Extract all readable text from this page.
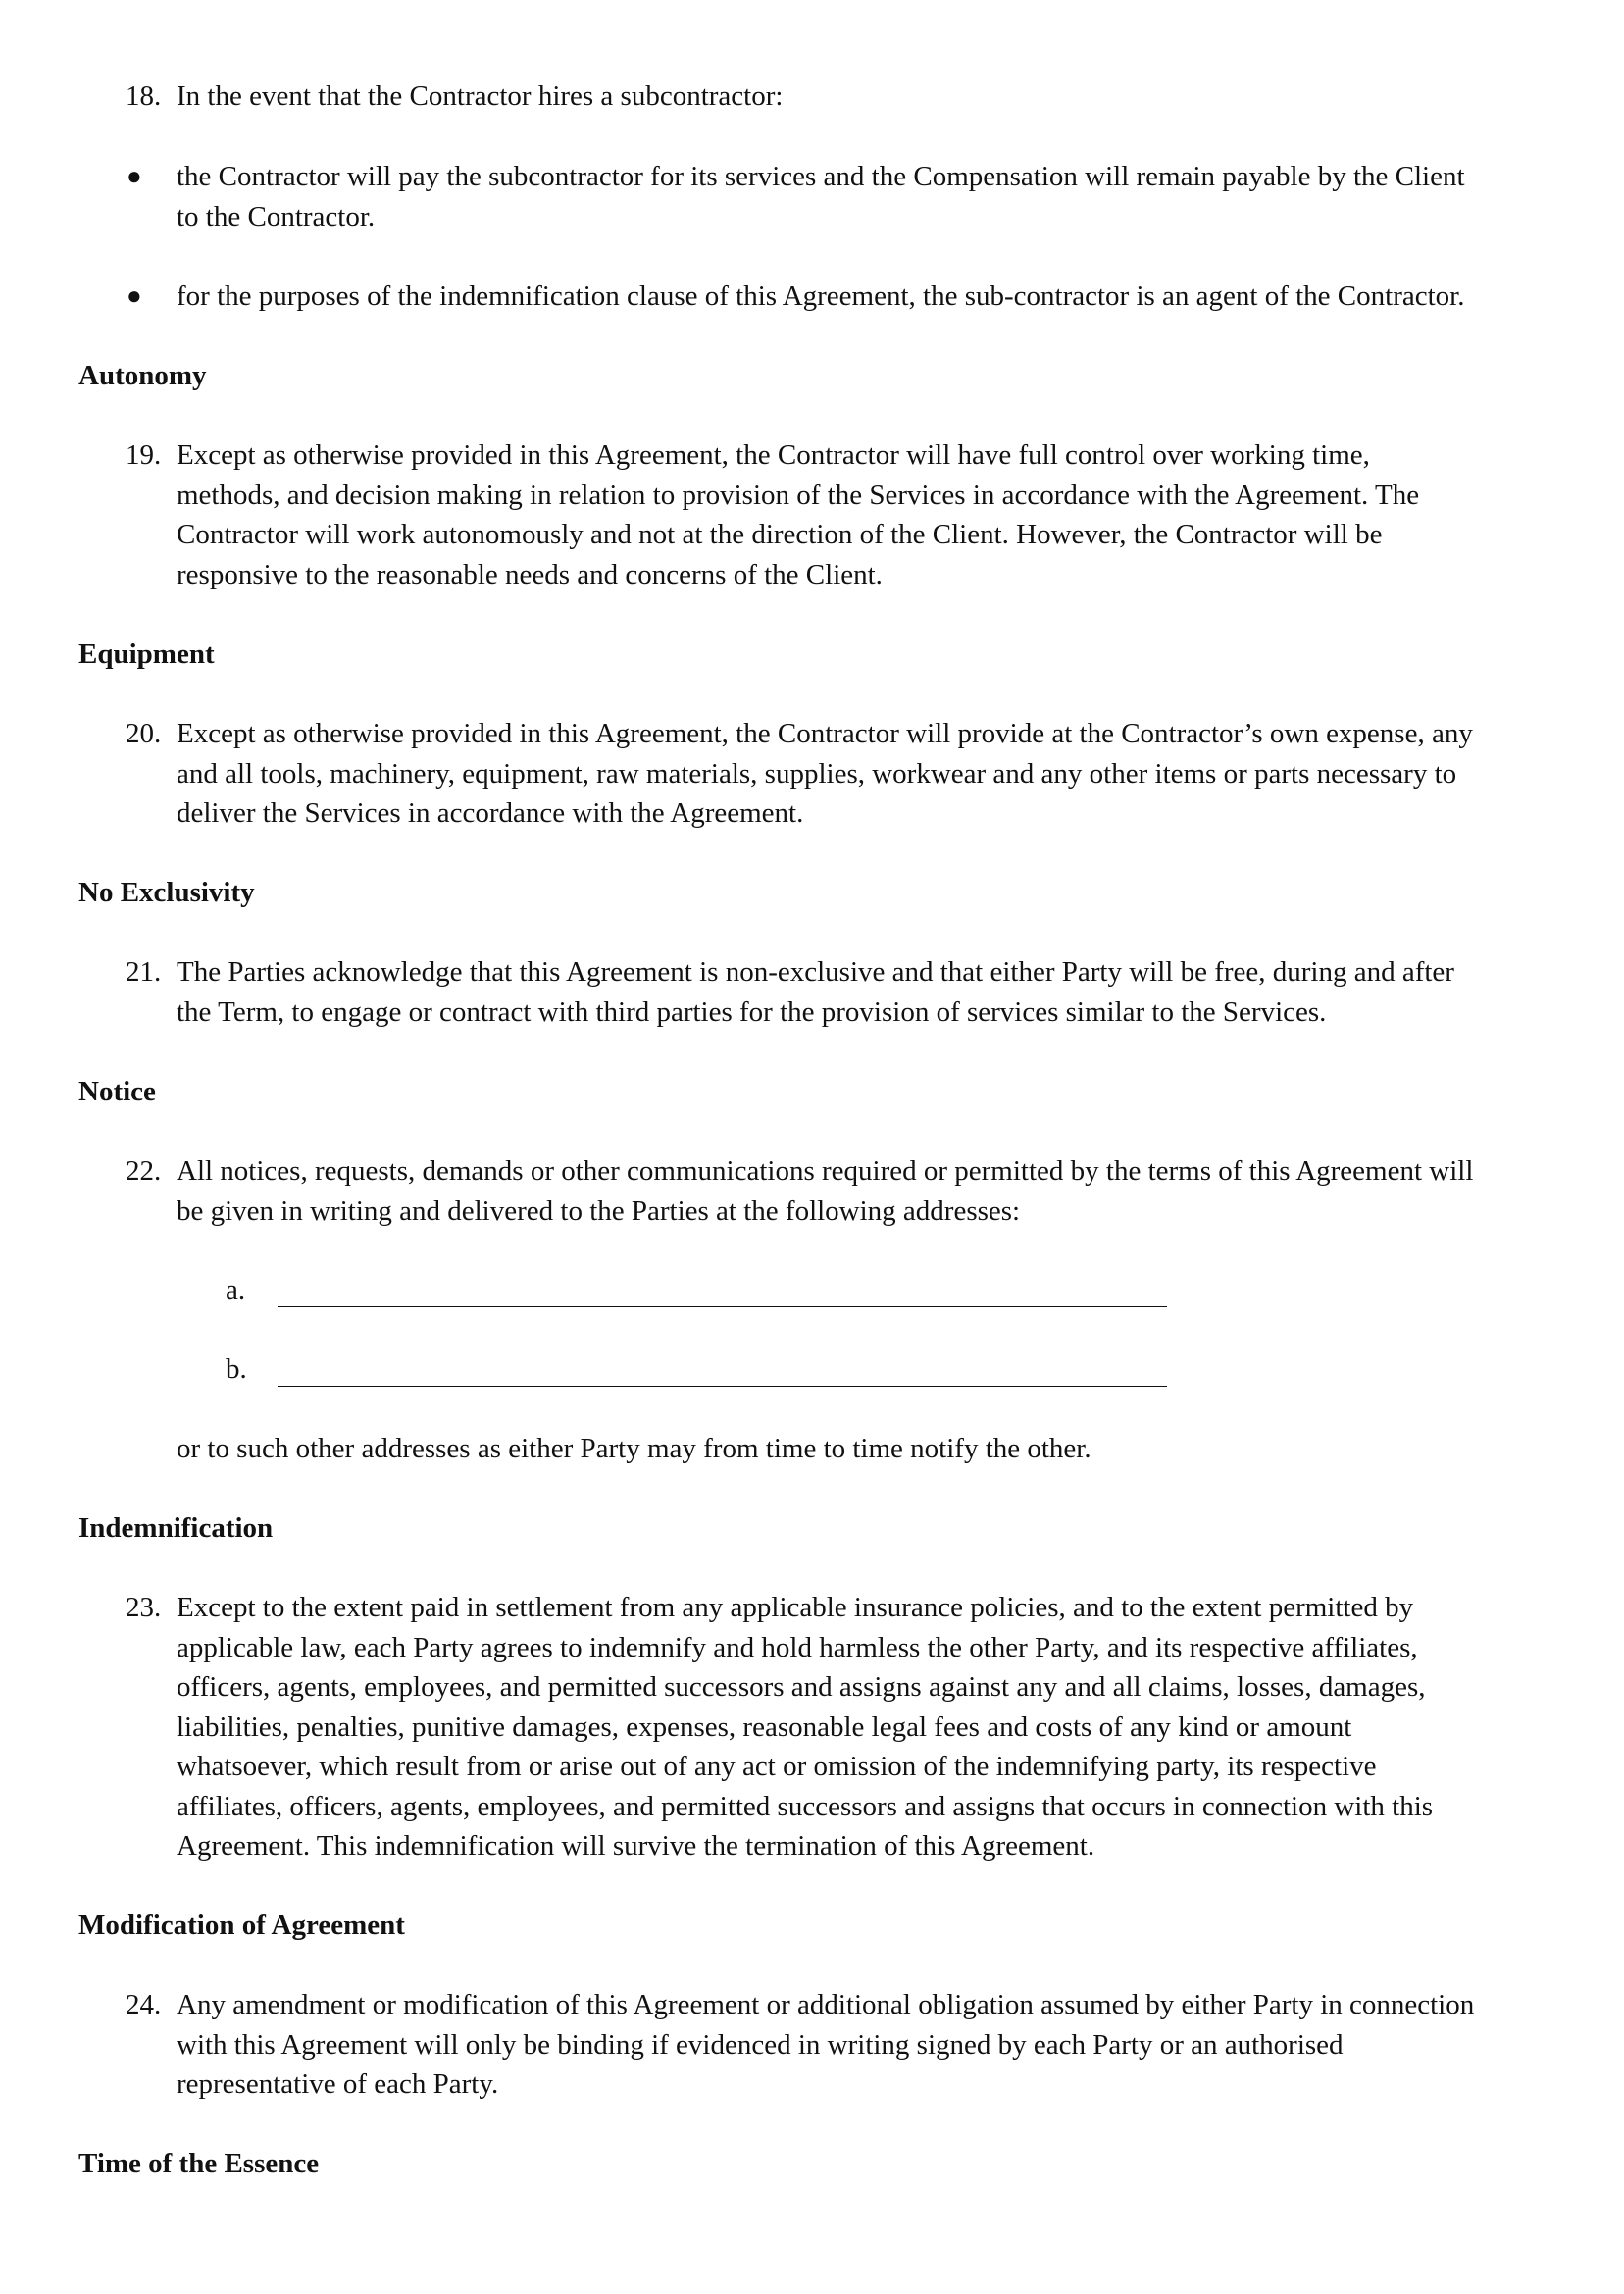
18. In the event that the Contractor hires a subcontractor:
● the Contractor will pay the subcontractor for its services and the Compensation will remain payable by the Client
to the Contractor.
● for the purposes of the indemnification clause of this Agreement, the sub-contractor is an agent of the Contractor.
Autonomy
19. Except as otherwise provided in this Agreement, the Contractor will have full control over working time,
methods, and decision making in relation to provision of the Services in accordance with the Agreement. The
Contractor will work autonomously and not at the direction of the Client. However, the Contractor will be
responsive to the reasonable needs and concerns of the Client.
Equipment
20. Except as otherwise provided in this Agreement, the Contractor will provide at the Contractor’s own expense, any
and all tools, machinery, equipment, raw materials, supplies, workwear and any other items or parts necessary to
deliver the Services in accordance with the Agreement.
No Exclusivity
21. The Parties acknowledge that this Agreement is non-exclusive and that either Party will be free, during and after
the Term, to engage or contract with third parties for the provision of services similar to the Services.
Notice
22. All notices, requests, demands or other communications required or permitted by the terms of this Agreement will
be given in writing and delivered to the Parties at the following addresses:
a.
b.
or to such other addresses as either Party may from time to time notify the other.
Indemnification
23. Except to the extent paid in settlement from any applicable insurance policies, and to the extent permitted by
applicable law, each Party agrees to indemnify and hold harmless the other Party, and its respective affiliates,
officers, agents, employees, and permitted successors and assigns against any and all claims, losses, damages,
liabilities, penalties, punitive damages, expenses, reasonable legal fees and costs of any kind or amount
whatsoever, which result from or arise out of any act or omission of the indemnifying party, its respective
affiliates, officers, agents, employees, and permitted successors and assigns that occurs in connection with this
Agreement. This indemnification will survive the termination of this Agreement.
Modification of Agreement
24. Any amendment or modification of this Agreement or additional obligation assumed by either Party in connection
with this Agreement will only be binding if evidenced in writing signed by each Party or an authorised
representative of each Party.
Time of the Essence
